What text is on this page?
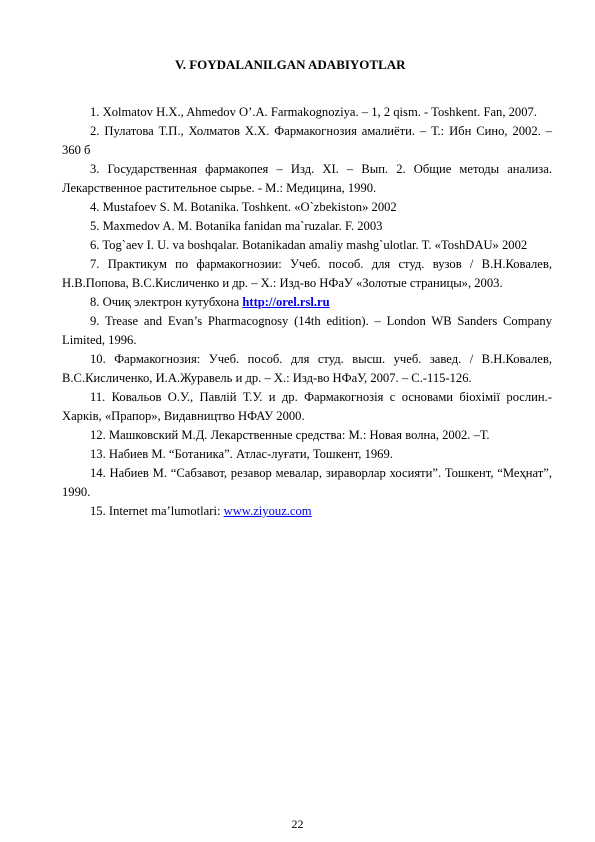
V. FOYDALANILGAN ADABIYOTLAR

1. Xolmatov H.X., Ahmedov O’.A. Farmakognoziya. – 1, 2 qism. - Toshkent. Fan, 2007.

2. Пулатова Т.П., Холматов Х.Х. Фармакогнозия амалиёти. – Т.: Ибн Сино, 2002. – 360 б

3. Государственная фармакопея – Изд. XI. – Вып. 2. Общие методы анализа. Лекарственное растительное сырье. - М.: Медицина, 1990.

4. Mustafoev S. M. Botanika. Toshkent. «O`zbekiston» 2002

5. Maxmedov A. M. Botanika fanidan ma`ruzalar. F. 2003

6. Tog`aev I. U. va boshqalar. Botanikadan amaliy mashg`ulotlar. T. «ToshDAU» 2002

7. Практикум по фармакогнозии: Учеб. пособ. для студ. вузов / В.Н.Ковалев, Н.В.Попова, В.С.Кисличенко и др. – Х.: Изд-во НФаУ «Золотые страницы», 2003.

8. Очиқ электрон кутубхона http://orel.rsl.ru

9. Trease and Evan’s Pharmacognosy (14th edition). – London WB Sanders Company Limited, 1996.

10. Фармакогнозия: Учеб. пособ. для студ. высш. учеб. завед. / В.Н.Ковалев, В.С.Кисличенко, И.А.Журавель и др. – Х.: Изд-во НФаУ, 2007. – С.-115-126.

11. Ковальов О.У., Павлій Т.У. и др. Фармакогнозія с основами біохімії рослин.- Харків, «Прапор», Видавництво НФАУ 2000.

12. Машковский М.Д. Лекарственные средства: М.: Новая волна, 2002. –Т.

13. Набиев М. “Ботаника”. Атлас-луғати, Тошкент, 1969.

14. Набиев М. “Сабзавот, резавор мевалар, зираворлар хосияти”. Тошкент, “Меҳнат”, 1990.

15. Internet ma’lumotlari: www.ziyouz.com

22
